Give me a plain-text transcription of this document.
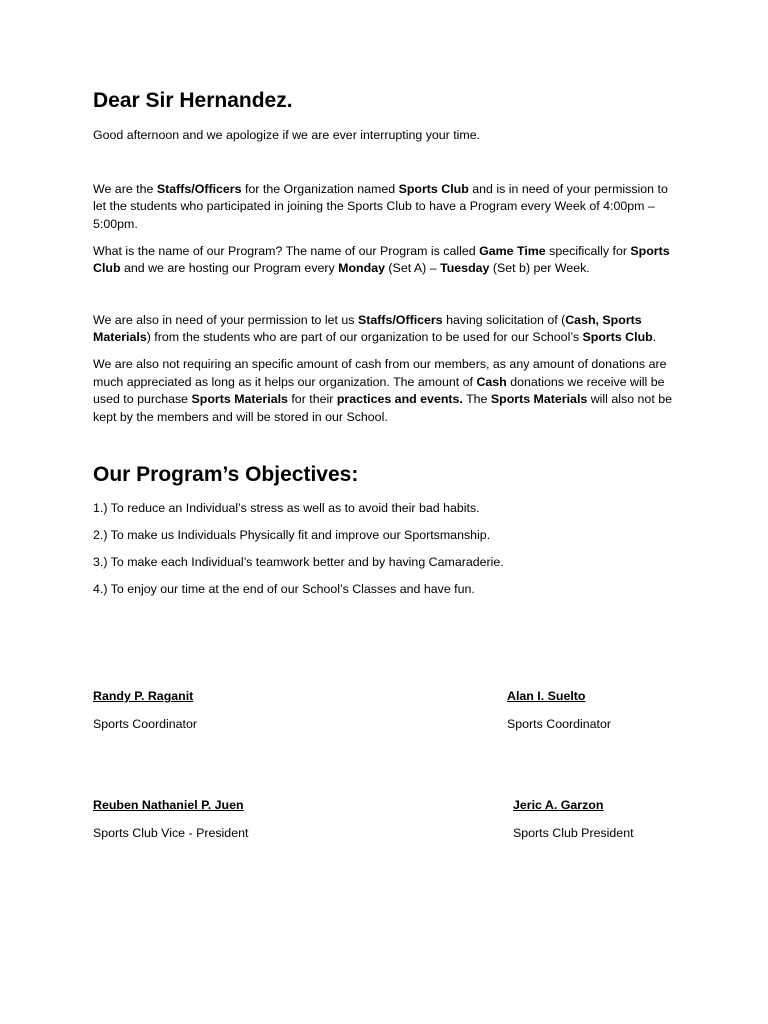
Dear Sir Hernandez.

Good afternoon and we apologize if we are ever interrupting your time.

We are the Staffs/Officers for the Organization named Sports Club and is in need of your permission to let the students who participated in joining the Sports Club to have a Program every Week of 4:00pm – 5:00pm.

What is the name of our Program? The name of our Program is called Game Time specifically for Sports Club and we are hosting our Program every Monday (Set A) – Tuesday (Set b) per Week.

We are also in need of your permission to let us Staffs/Officers having solicitation of (Cash, Sports Materials) from the students who are part of our organization to be used for our School’s Sports Club.

We are also not requiring an specific amount of cash from our members, as any amount of donations are much appreciated as long as it helps our organization. The amount of Cash donations we receive will be used to purchase Sports Materials for their practices and events. The Sports Materials will also not be kept by the members and will be stored in our School.

Our Program’s Objectives:

1.) To reduce an Individual’s stress as well as to avoid their bad habits.

2.) To make us Individuals Physically fit and improve our Sportsmanship.

3.) To make each Individual’s teamwork better and by having Camaraderie.

4.) To enjoy our time at the end of our School’s Classes and have fun.

Randy P. Raganit
Sports Coordinator
Alan I. Suelto
Sports Coordinator
Reuben Nathaniel P. Juen
Sports Club Vice - President
Jeric A. Garzon
Sports Club President
